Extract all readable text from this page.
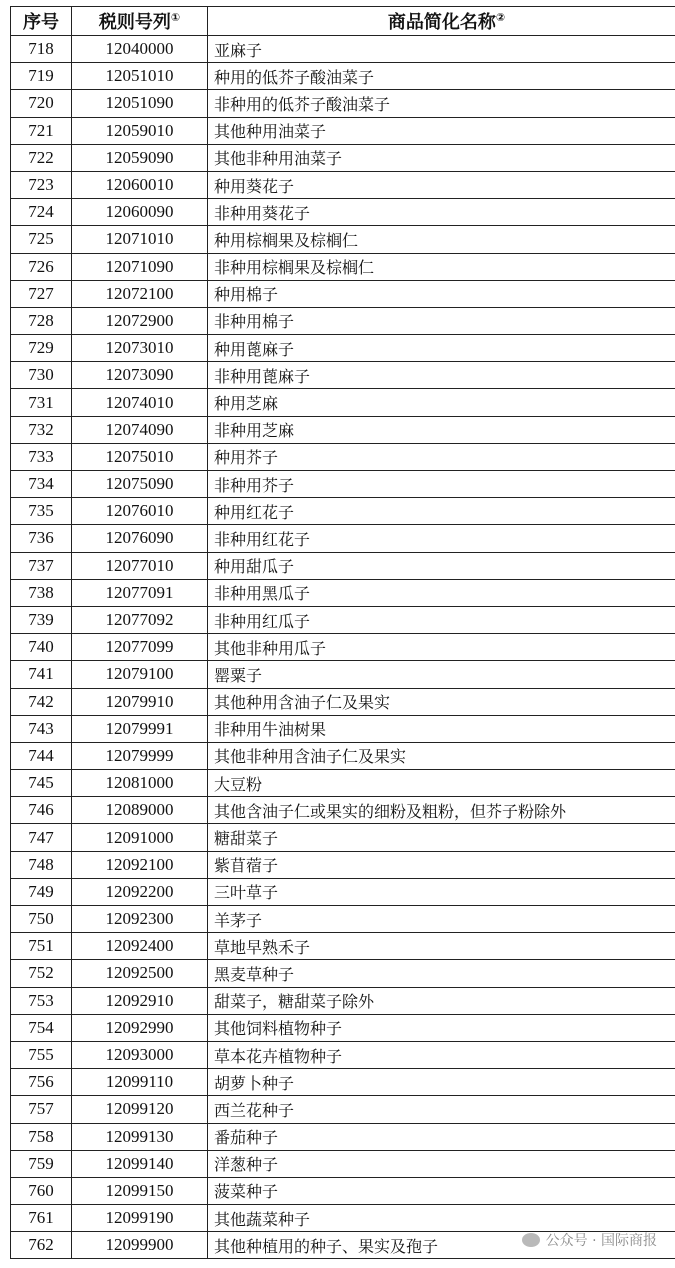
序号	税则号列①	商品简化名称②
718	12040000	亚麻子
719	12051010	种用的低芥子酸油菜子
720	12051090	非种用的低芥子酸油菜子
721	12059010	其他种用油菜子
722	12059090	其他非种用油菜子
723	12060010	种用葵花子
724	12060090	非种用葵花子
725	12071010	种用棕榈果及棕榈仁
726	12071090	非种用棕榈果及棕榈仁
727	12072100	种用棉子
728	12072900	非种用棉子
729	12073010	种用蓖麻子
730	12073090	非种用蓖麻子
731	12074010	种用芝麻
732	12074090	非种用芝麻
733	12075010	种用芥子
734	12075090	非种用芥子
735	12076010	种用红花子
736	12076090	非种用红花子
737	12077010	种用甜瓜子
738	12077091	非种用黑瓜子
739	12077092	非种用红瓜子
740	12077099	其他非种用瓜子
741	12079100	罂粟子
742	12079910	其他种用含油子仁及果实
743	12079991	非种用牛油树果
744	12079999	其他非种用含油子仁及果实
745	12081000	大豆粉
746	12089000	其他含油子仁或果实的细粉及粗粉，但芥子粉除外
747	12091000	糖甜菜子
748	12092100	紫苜蓿子
749	12092200	三叶草子
750	12092300	羊茅子
751	12092400	草地早熟禾子
752	12092500	黑麦草种子
753	12092910	甜菜子，糖甜菜子除外
754	12092990	其他饲料植物种子
755	12093000	草本花卉植物种子
756	12099110	胡萝卜种子
757	12099120	西兰花种子
758	12099130	番茄种子
759	12099140	洋葱种子
760	12099150	菠菜种子
761	12099190	其他蔬菜种子
762	12099900	其他种植用的种子、果实及孢子	公众号 · 国际商报
